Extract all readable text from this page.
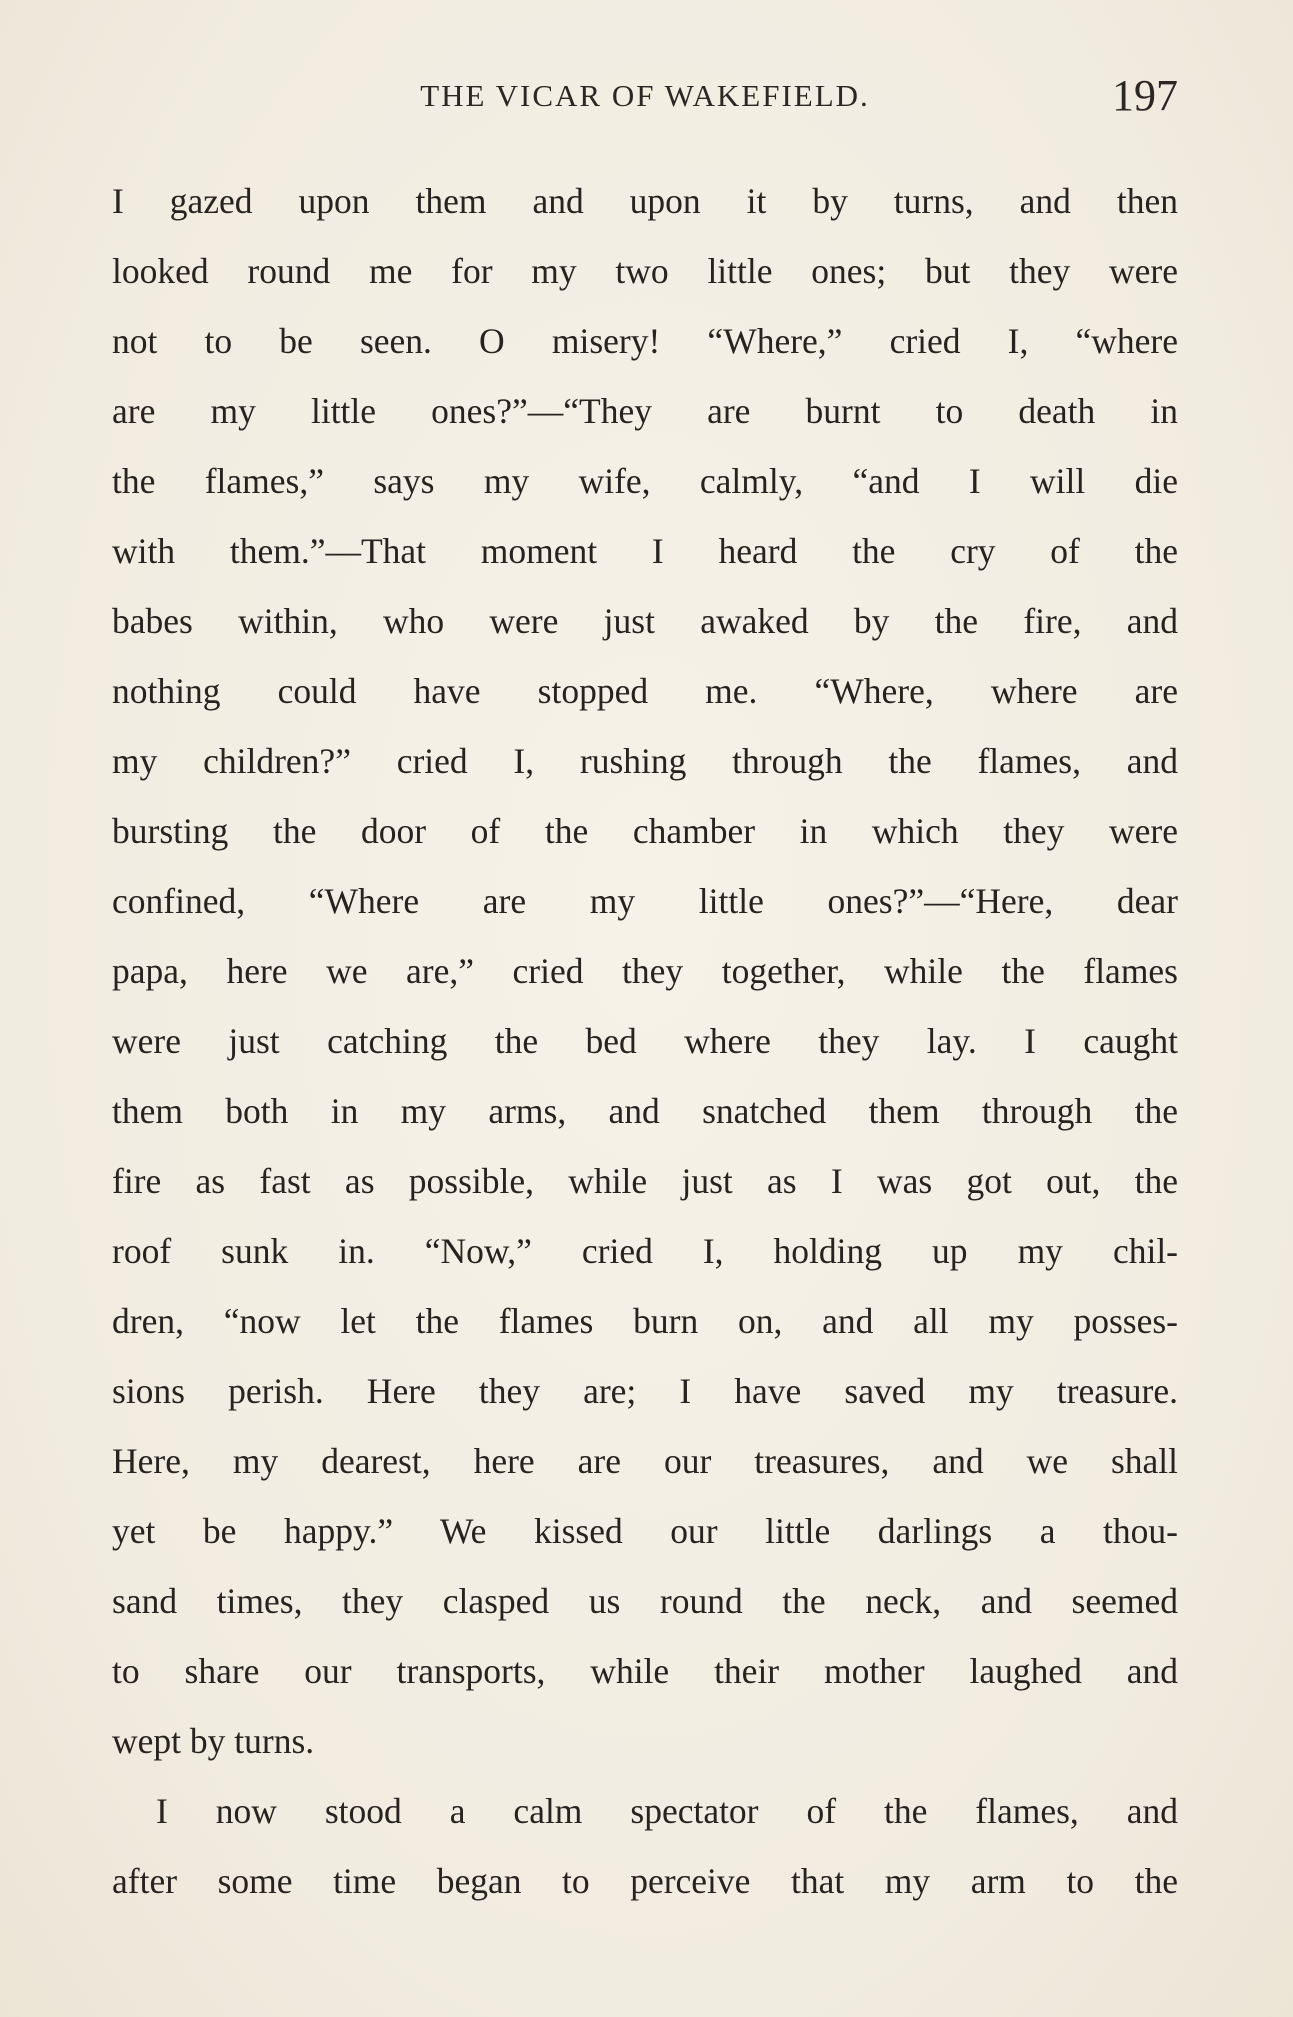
THE VICAR OF WAKEFIELD.	197
I gazed upon them and upon it by turns, and then
looked round me for my two little ones; but they were
not to be seen. O misery! “Where,” cried I, “where
are my little ones?”—“They are burnt to death in
the flames,” says my wife, calmly, “and I will die
with them.”—That moment I heard the cry of the
babes within, who were just awaked by the fire, and
nothing could have stopped me. “Where, where are
my children?” cried I, rushing through the flames, and
bursting the door of the chamber in which they were
confined, “Where are my little ones?”—“Here, dear
papa, here we are,” cried they together, while the flames
were just catching the bed where they lay. I caught
them both in my arms, and snatched them through the
fire as fast as possible, while just as I was got out, the
roof sunk in. “Now,” cried I, holding up my chil-
dren, “now let the flames burn on, and all my posses-
sions perish. Here they are; I have saved my treasure.
Here, my dearest, here are our treasures, and we shall
yet be happy.” We kissed our little darlings a thou-
sand times, they clasped us round the neck, and seemed
to share our transports, while their mother laughed and
wept by turns.
I now stood a calm spectator of the flames, and
after some time began to perceive that my arm to the
